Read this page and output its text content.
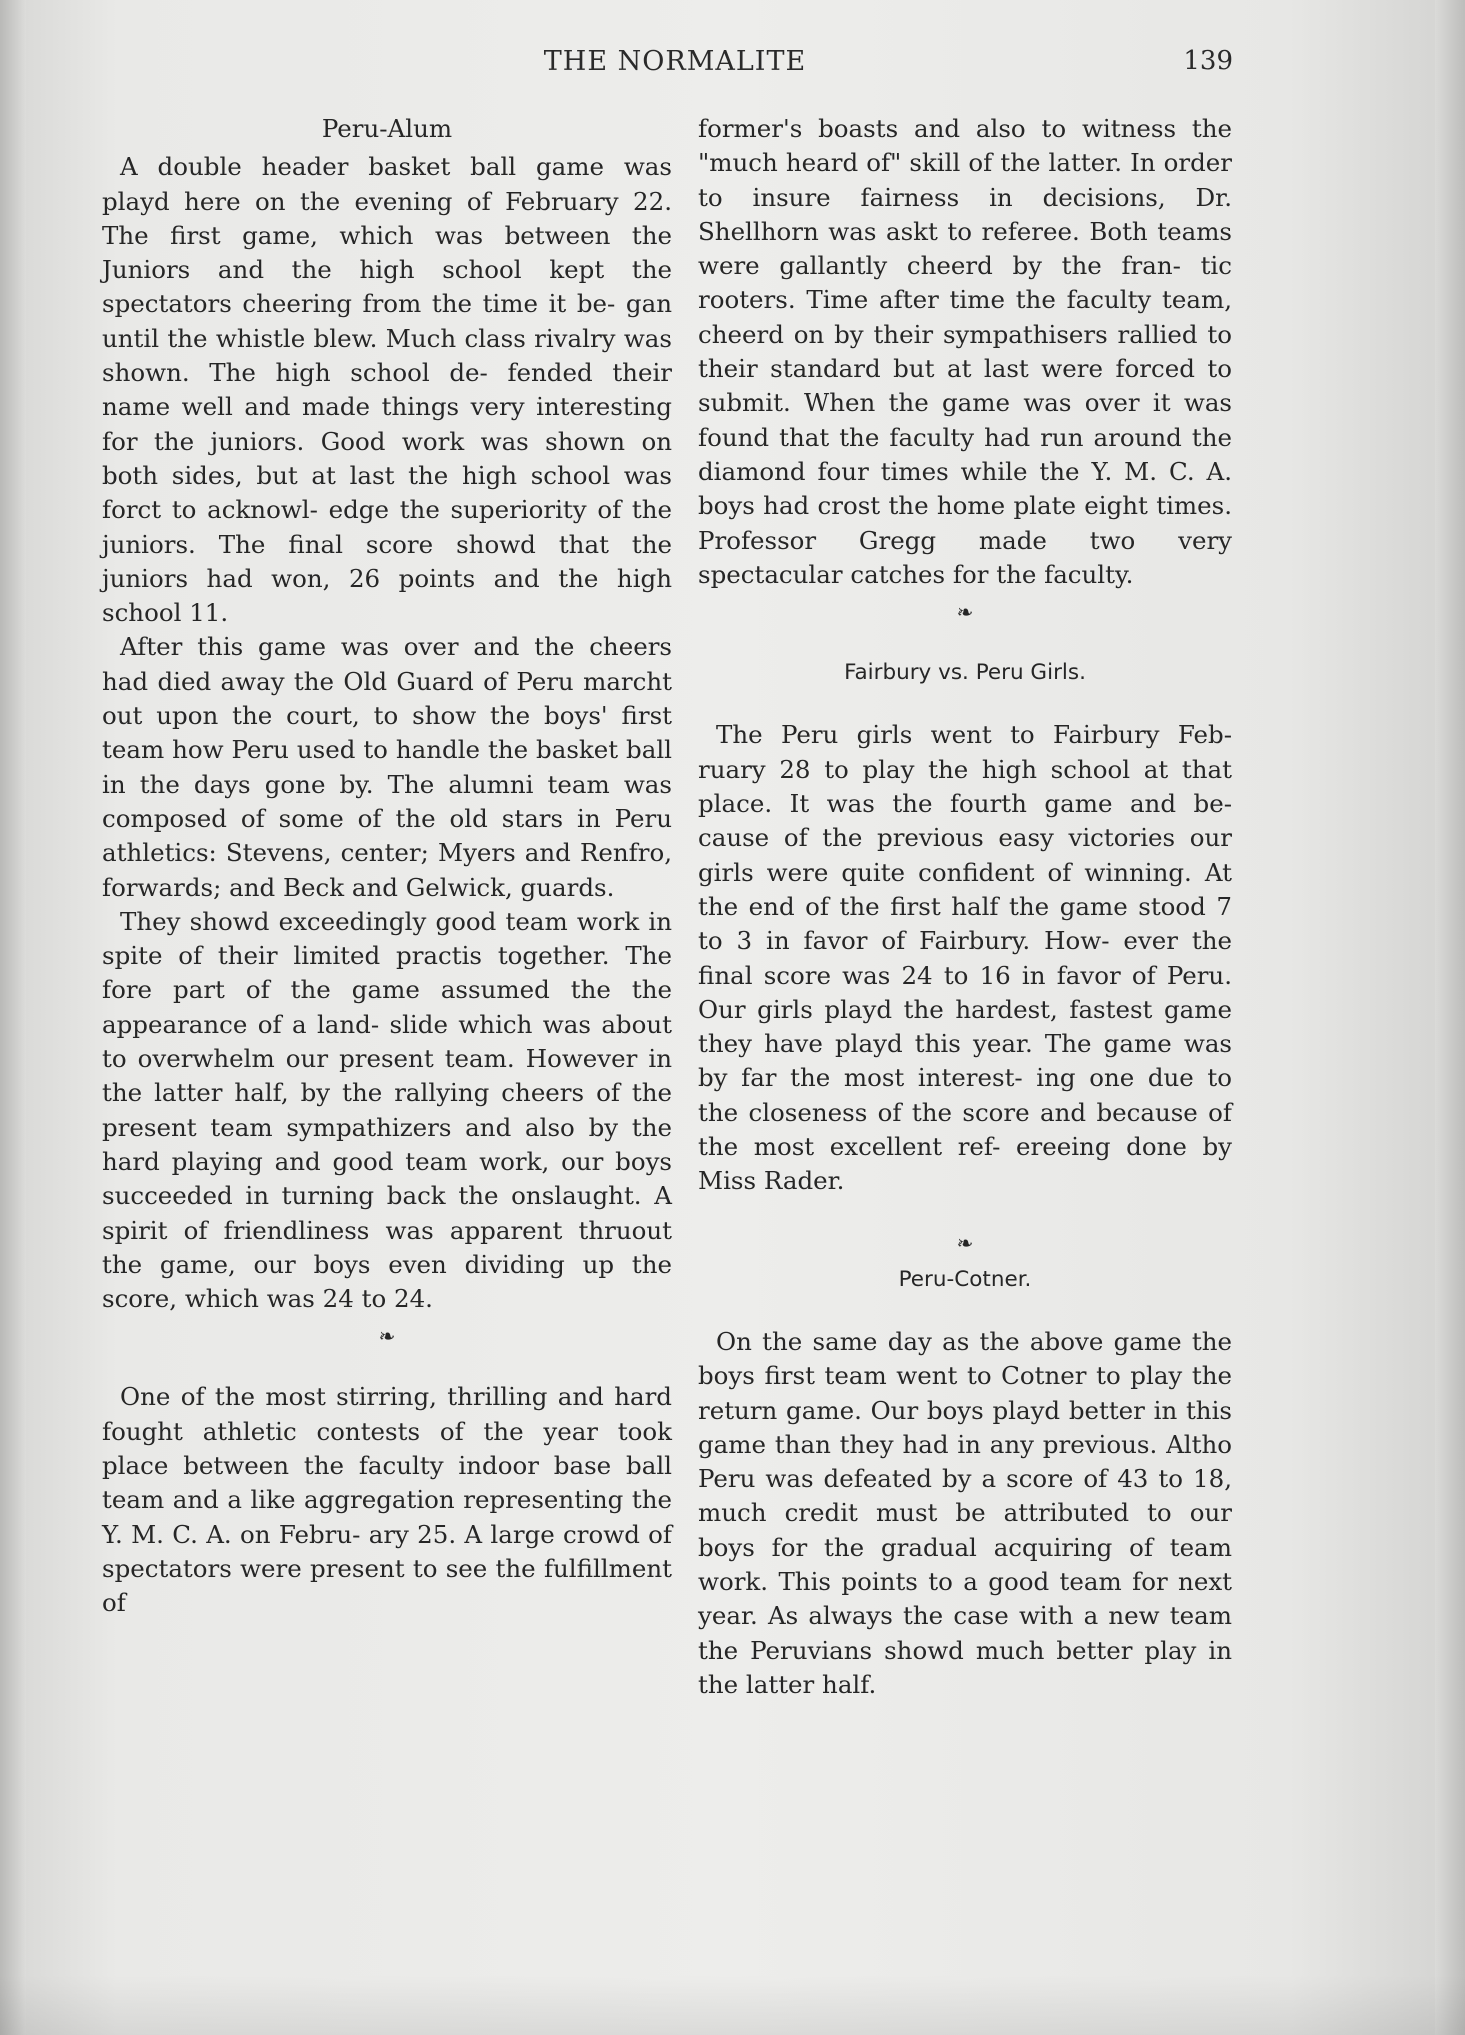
THE NORMALITE	139
Peru-Alum

A double header basket ball game was playd here on the evening of February 22. The first game, which was between the Juniors and the high school kept the spectators cheering from the time it be- gan until the whistle blew. Much class rivalry was shown. The high school de- fended their name well and made things very interesting for the juniors. Good work was shown on both sides, but at last the high school was forct to acknowl- edge the superiority of the juniors. The final score showd that the juniors had won, 26 points and the high school 11.

After this game was over and the cheers had died away the Old Guard of Peru marcht out upon the court, to show the boys' first team how Peru used to handle the basket ball in the days gone by. The alumni team was composed of some of the old stars in Peru athletics: Stevens, center; Myers and Renfro, forwards; and Beck and Gelwick, guards.

They showd exceedingly good team work in spite of their limited practis together. The fore part of the game assumed the the appearance of a land- slide which was about to overwhelm our present team. However in the latter half, by the rallying cheers of the present team sympathizers and also by the hard playing and good team work, our boys succeeded in turning back the onslaught. A spirit of friendliness was apparent thruout the game, our boys even dividing up the score, which was 24 to 24.

❧

One of the most stirring, thrilling and hard fought athletic contests of the year took place between the faculty indoor base ball team and a like aggregation representing the Y. M. C. A. on Febru- ary 25. A large crowd of spectators were present to see the fulfillment of

former's boasts and also to witness the "much heard of" skill of the latter. In order to insure fairness in decisions, Dr. Shellhorn was askt to referee. Both teams were gallantly cheerd by the fran- tic rooters. Time after time the faculty team, cheerd on by their sympathisers rallied to their standard but at last were forced to submit. When the game was over it was found that the faculty had run around the diamond four times while the Y. M. C. A. boys had crost the home plate eight times. Professor Gregg made two very spectacular catches for the faculty.

❧
Fairbury vs. Peru Girls.

The Peru girls went to Fairbury Feb- ruary 28 to play the high school at that place. It was the fourth game and be- cause of the previous easy victories our girls were quite confident of winning. At the end of the first half the game stood 7 to 3 in favor of Fairbury. How- ever the final score was 24 to 16 in favor of Peru. Our girls playd the hardest, fastest game they have playd this year. The game was by far the most interest- ing one due to the closeness of the score and because of the most excellent ref- ereeing done by Miss Rader.

❧
Peru-Cotner.

On the same day as the above game the boys first team went to Cotner to play the return game. Our boys playd better in this game than they had in any previous. Altho Peru was defeated by a score of 43 to 18, much credit must be attributed to our boys for the gradual acquiring of team work. This points to a good team for next year. As always the case with a new team the Peruvians showd much better play in the latter half.
